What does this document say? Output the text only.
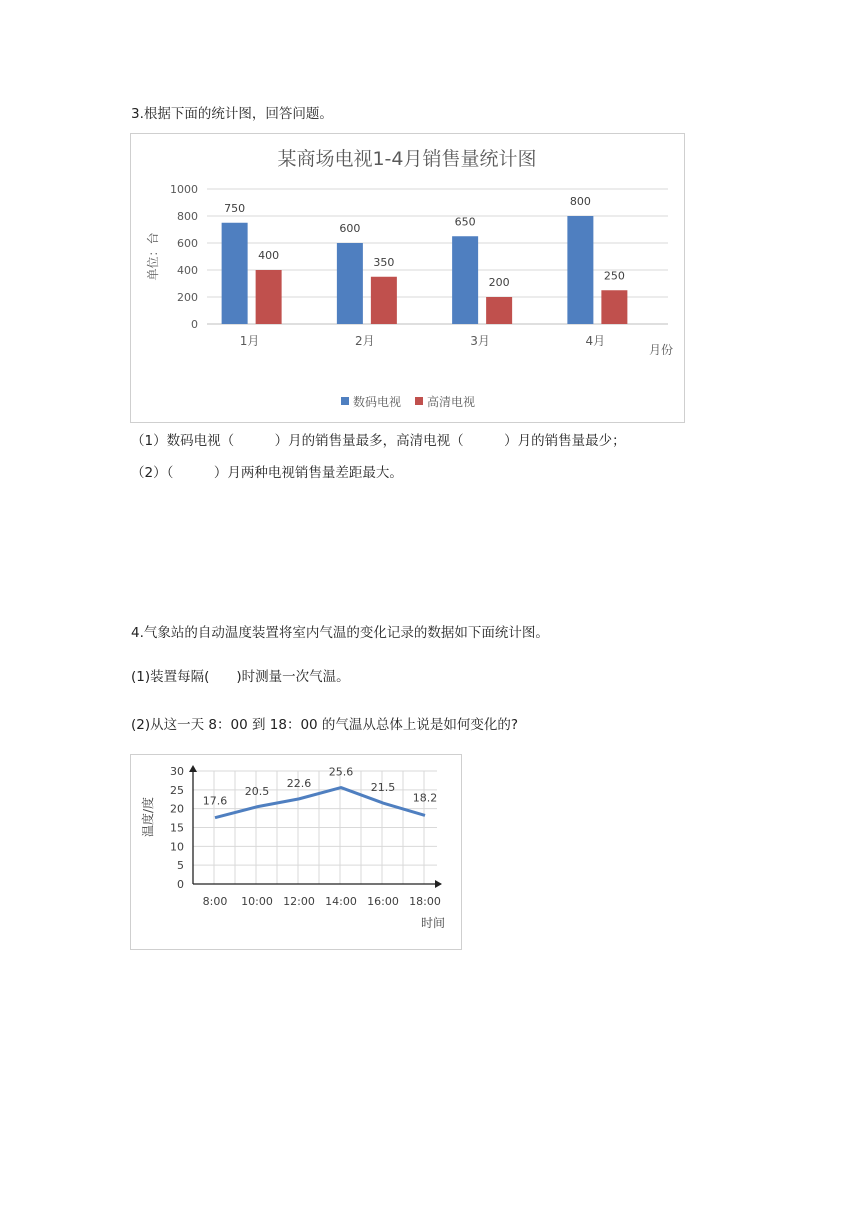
3.根据下面的统计图，回答问题。
某商场电视1-4月销售量统计图
0
200
400
600
800
1000
单位：台
750
400
1月
600
350
2月
650
200
3月
800
250
4月
月份
数码电视 高清电视
（1）数码电视（　　　）月的销售量最多，高清电视（　　　）月的销售量最少；
（2）（　　　）月两种电视销售量差距最大。
4.气象站的自动温度装置将室内气温的变化记录的数据如下面统计图。
(1)装置每隔(　　)时测量一次气温。
(2)从这一天 8：00 到 18：00 的气温从总体上说是如何变化的?
0
5
10
15
20
25
30
温度/度	17.6
20.5
22.6
25.6
21.5
18.2
8:00 10:00 12:00 14:00 16:00 18:00
时间
